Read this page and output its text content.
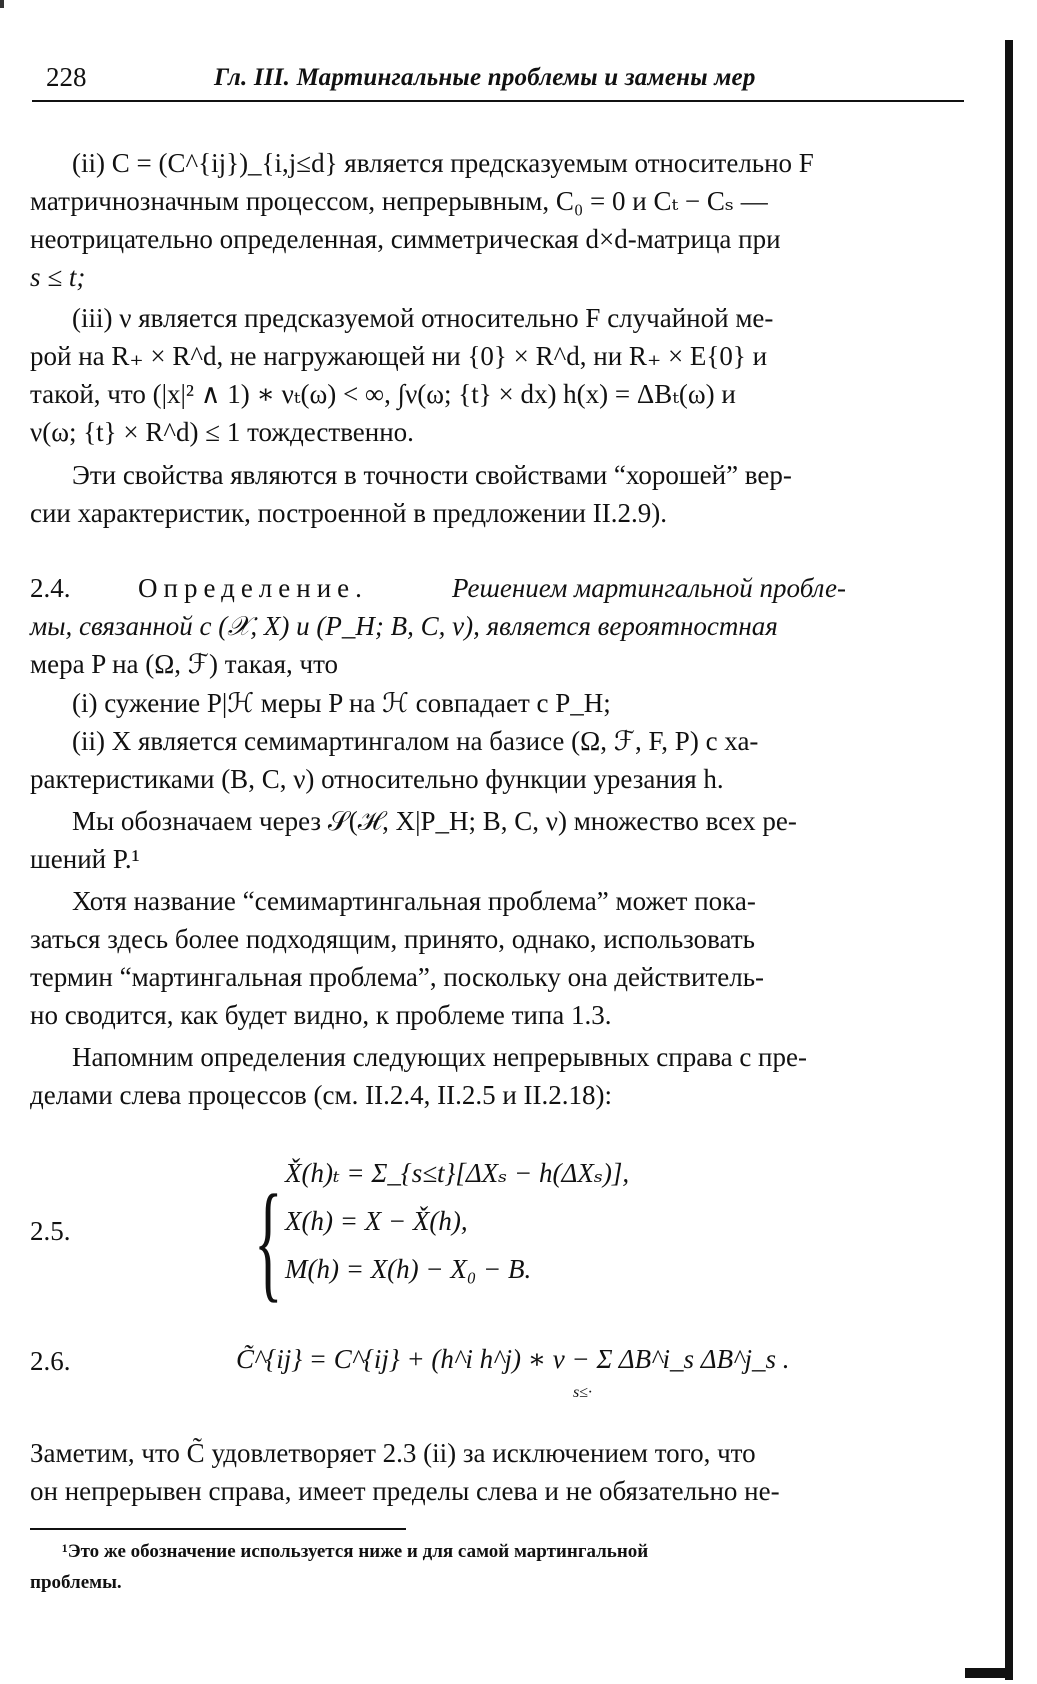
228	Гл. III. Мартингальные проблемы и замены мер
(ii) C = (C^{ij})_{i,j≤d} является предсказуемым относительно F
матричнозначным процессом, непрерывным, C₀ = 0 и Cₜ − Cₛ —
неотрицательно определенная, симметрическая d×d-матрица при
s ≤ t;
(iii) ν является предсказуемой относительно F случайной ме-
рой на R₊ × R^d, не нагружающей ни {0} × R^d, ни R₊ × E{0} и
такой, что (|x|² ∧ 1) ∗ νₜ(ω) < ∞, ∫ν(ω; {t} × dx) h(x) = ΔBₜ(ω) и
ν(ω; {t} × R^d) ≤ 1 тождественно.
Эти свойства являются в точности свойствами “хорошей” вер-
сии характеристик, построенной в предложении II.2.9).
2.4.	Определение.	Решением мартингальной пробле-
мы, связанной с (𝒳, X) и (P_H; B, C, ν), является вероятностная
мера P на (Ω, ℱ) такая, что
(i) сужение P|ℋ меры P на ℋ совпадает с P_H;
(ii) X является семимартингалом на базисе (Ω, ℱ, F, P) с ха-
рактеристиками (B, C, ν) относительно функции урезания h.
Мы обозначаем через 𝒮(ℋ, X|P_H; B, C, ν) множество всех ре-
шений P.¹
Хотя название “семимартингальная проблема” может пока-
заться здесь более подходящим, принято, однако, использовать
термин “мартингальная проблема”, поскольку она действитель-
но сводится, как будет видно, к проблеме типа 1.3.
Напомним определения следующих непрерывных справа с пре-
делами слева процессов (см. II.2.4, II.2.5 и II.2.18):
2.5. { X̌(h)ₜ = Σ_{s≤t}[ΔXₛ − h(ΔXₛ)],
X(h) = X − X̌(h),
M(h) = X(h) − X₀ − B.
2.6.	C̃^{ij} = C^{ij} + (h^i h^j) ∗ ν − Σ ΔB^i_s ΔB^j_s .
s≤·
Заметим, что C̃ удовлетворяет 2.3 (ii) за исключением того, что
он непрерывен справа, имеет пределы слева и не обязательно не-
¹Это же обозначение используется ниже и для самой мартингальной
проблемы.
